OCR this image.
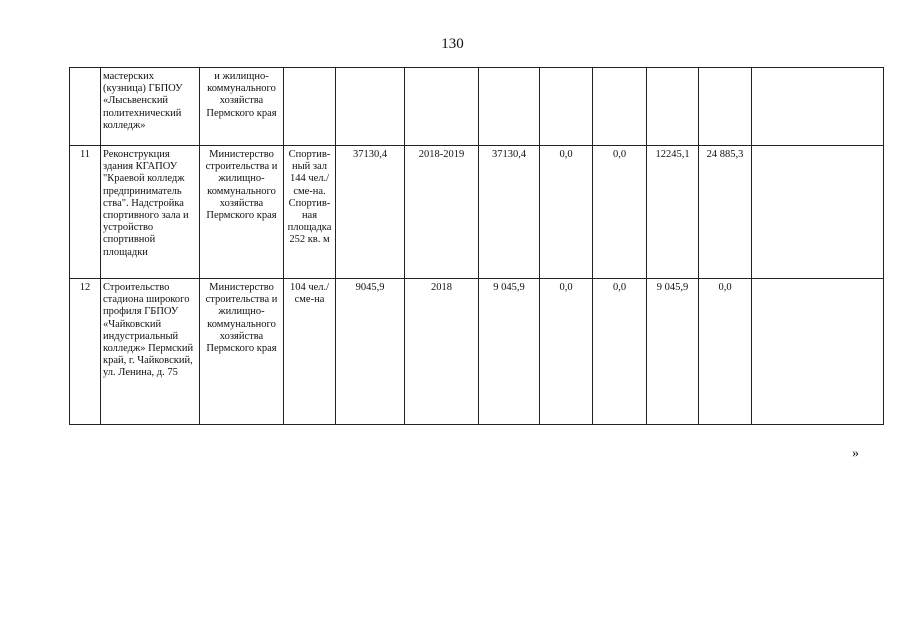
130
	мастерских (кузница) ГБПОУ «Лысьвенский политехнический колледж»	и жилищно-коммунального хозяйства Пермского края									
11	Реконструкция здания КГАПОУ "Краевой колледж предприниматель ства". Надстройка спортивного зала и устройство спортивной площадки	Министерство строительства и жилищно-коммунального хозяйства Пермского края	Спортив-ный зал 144 чел./сме-на. Спортив-ная площадка 252 кв. м	37130,4	2018-2019	37130,4	0,0	0,0	12245,1	24 885,3	
12	Строительство стадиона широкого профиля ГБПОУ «Чайковский индустриальный колледж» Пермский край, г. Чайковский, ул. Ленина, д. 75	Министерство строительства и жилищно-коммунального хозяйства Пермского края	104 чел./сме-на	9045,9	2018	9 045,9	0,0	0,0	9 045,9	0,0	
»
